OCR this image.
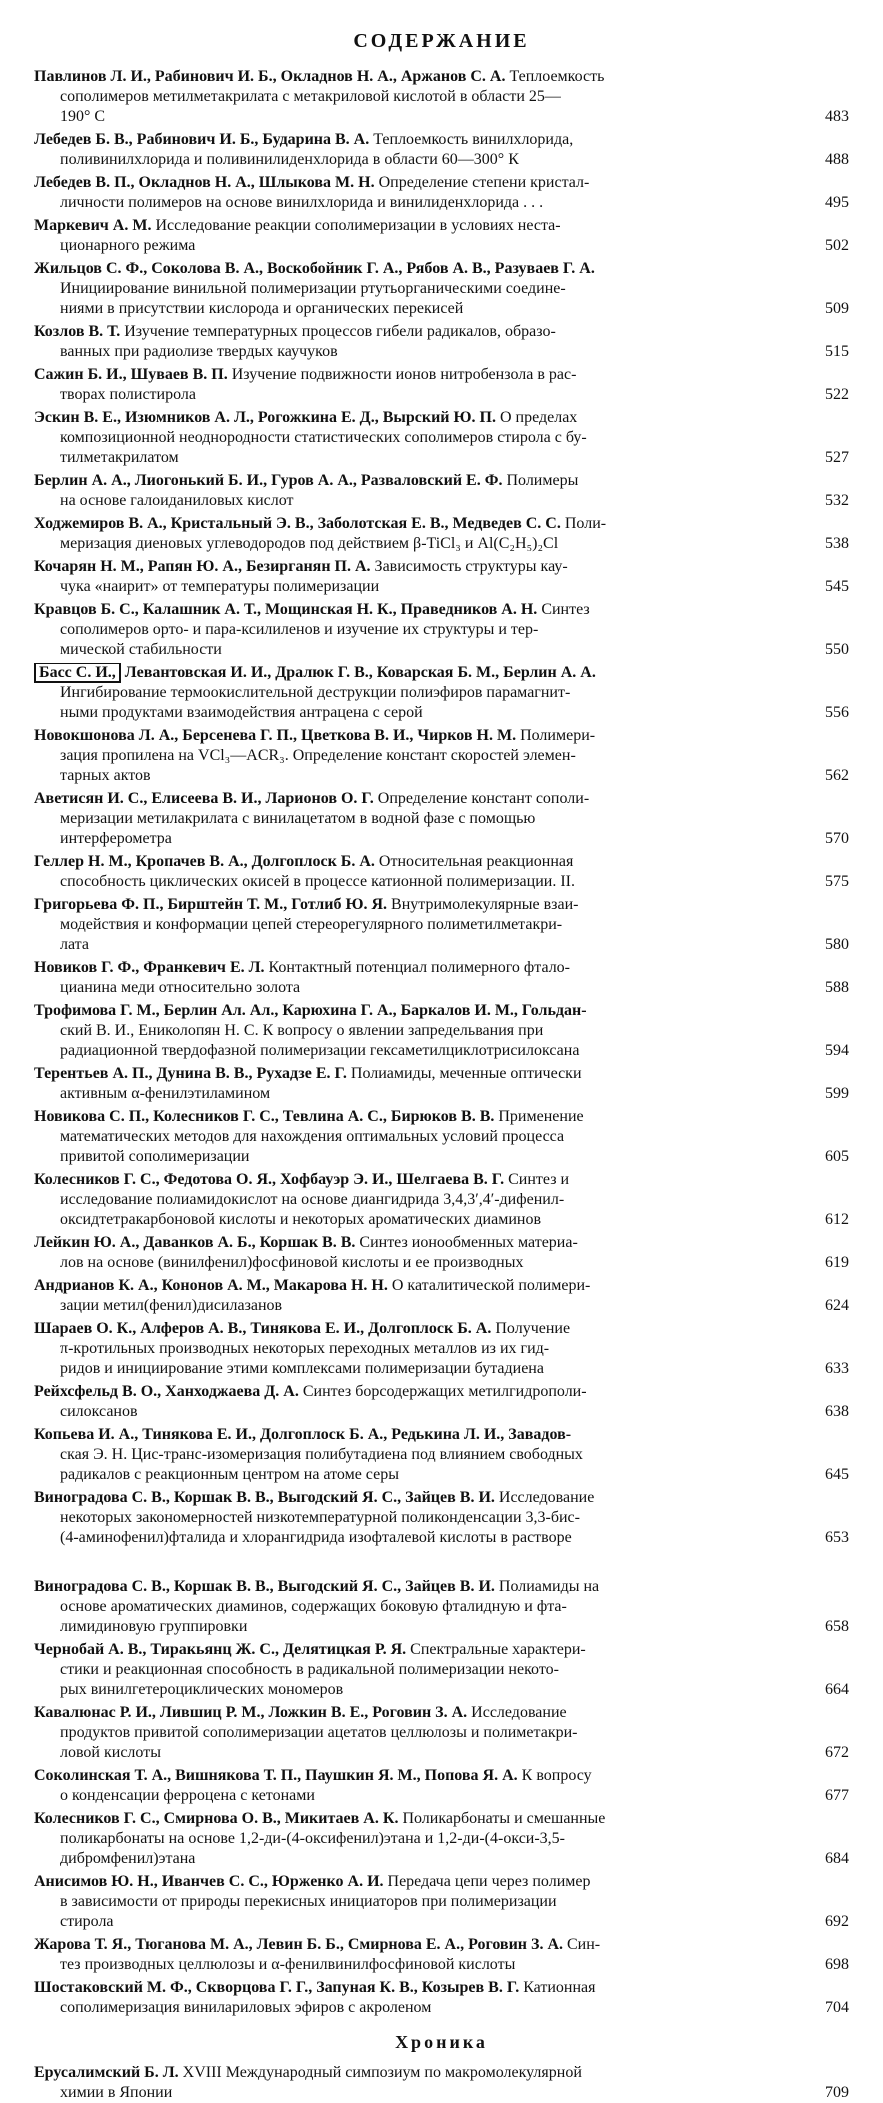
СОДЕРЖАНИЕ
Павлинов Л. И., Рабинович И. Б., Окладнов Н. А., Аржанов С. А. Теплоемкость
сополимеров метилметакрилата с метакриловой кислотой в области 25—
190° С	483
Лебедев Б. В., Рабинович И. Б., Бударина В. А. Теплоемкость винилхлорида,
поливинилхлорида и поливинилиденхлорида в области 60—300° К	488
Лебедев В. П., Окладнов Н. А., Шлыкова М. Н. Определение степени кристал-
личности полимеров на основе винилхлорида и винилиденхлорида . . .	495
Маркевич А. М. Исследование реакции сополимеризации в условиях неста-
ционарного режима	502
Жильцов С. Ф., Соколова В. А., Воскобойник Г. А., Рябов А. В., Разуваев Г. А.
Инициирование винильной полимеризации ртутьорганическими соедине-
ниями в присутствии кислорода и органических перекисей	509
Козлов В. Т. Изучение температурных процессов гибели радикалов, образо-
ванных при радиолизе твердых каучуков	515
Сажин Б. И., Шуваев В. П. Изучение подвижности ионов нитробензола в рас-
творах полистирола	522
Эскин В. Е., Изюмников А. Л., Рогожкина Е. Д., Вырский Ю. П. О пределах
композиционной неоднородности статистических сополимеров стирола с бу-
тилметакрилатом	527
Берлин А. А., Лиогонький Б. И., Гуров А. А., Разваловский Е. Ф. Полимеры
на основе галоиданиловых кислот	532
Ходжемиров В. А., Кристальный Э. В., Заболотская Е. В., Медведев С. С. Поли-
меризация диеновых углеводородов под действием β-TiCl₃ и Al(C₂H₅)₂Cl	538
Кочарян Н. М., Рапян Ю. А., Безирганян П. А. Зависимость структуры кау-
чука «наирит» от температуры полимеризации	545
Кравцов Б. С., Калашник А. Т., Мощинская Н. К., Праведников А. Н. Синтез
сополимеров орто- и пара-ксилиленов и изучение их структуры и тер-
мической стабильности	550
Басс С. И., Левантовская И. И., Дралюк Г. В., Коварская Б. М., Берлин А. А.
Ингибирование термоокислительной деструкции полиэфиров парамагнит-
ными продуктами взаимодействия антрацена с серой	556
Новокшонова Л. А., Берсенева Г. П., Цветкова В. И., Чирков Н. М. Полимери-
зация пропилена на VCl₃—ACR₃. Определение констант скоростей элемен-
тарных актов	562
Аветисян И. С., Елисеева В. И., Ларионов О. Г. Определение констант сополи-
меризации метилакрилата с винилацетатом в водной фазе с помощью
интерферометра	570
Геллер Н. М., Кропачев В. А., Долгоплоск Б. А. Относительная реакционная
способность циклических окисей в процессе катионной полимеризации. II.	575
Григорьева Ф. П., Бирштейн Т. М., Готлиб Ю. Я. Внутримолекулярные взаи-
модействия и конформации цепей стереорегулярного полиметилметакри-
лата	580
Новиков Г. Ф., Франкевич Е. Л. Контактный потенциал полимерного фтало-
цианина меди относительно золота	588
Трофимова Г. М., Берлин Ал. Ал., Карюхина Г. А., Баркалов И. М., Гольдан-
ский В. И., Ениколопян Н. С. К вопросу о явлении запредельвания при
радиационной твердофазной полимеризации гексаметилциклотрисилоксана	594
Терентьев А. П., Дунина В. В., Рухадзе Е. Г. Полиамиды, меченные оптически
активным α-фенилэтиламином	599
Новикова С. П., Колесников Г. С., Тевлина А. С., Бирюков В. В. Применение
математических методов для нахождения оптимальных условий процесса
привитой сополимеризации	605
Колесников Г. С., Федотова О. Я., Хофбауэр Э. И., Шелгаева В. Г. Синтез и
исследование полиамидокислот на основе диангидрида 3,4,3′,4′-дифенил-
оксидтетракарбоновой кислоты и некоторых ароматических диаминов	612
Лейкин Ю. А., Даванков А. Б., Коршак В. В. Синтез ионообменных материа-
лов на основе (винилфенил)фосфиновой кислоты и ее производных	619
Андрианов К. А., Кононов А. М., Макарова Н. Н. О каталитической полимери-
зации метил(фенил)дисилазанов	624
Шараев О. К., Алферов А. В., Тинякова Е. И., Долгоплоск Б. А. Получение
π-кротильных производных некоторых переходных металлов из их гид-
ридов и инициирование этими комплексами полимеризации бутадиена	633
Рейхсфельд В. О., Ханходжаева Д. А. Синтез борсодержащих метилгидрополи-
силоксанов	638
Копьева И. А., Тинякова Е. И., Долгоплоск Б. А., Редькина Л. И., Завадов-
ская Э. Н. Цис-транс-изомеризация полибутадиена под влиянием свободных
радикалов с реакционным центром на атоме серы	645
Виноградова С. В., Коршак В. В., Выгодский Я. С., Зайцев В. И. Исследование
некоторых закономерностей низкотемпературной поликонденсации 3,3-бис-
(4-аминофенил)фталида и хлорангидрида изофталевой кислоты в растворе	653
Виноградова С. В., Коршак В. В., Выгодский Я. С., Зайцев В. И. Полиамиды на
основе ароматических диаминов, содержащих боковую фталидную и фта-
лимидиновую группировки	658
Чернобай А. В., Тиракьянц Ж. С., Делятицкая Р. Я. Спектральные характери-
стики и реакционная способность в радикальной полимеризации некото-
рых винилгетероциклических мономеров	664
Кавалюнас Р. И., Лившиц Р. М., Ложкин В. Е., Роговин З. А. Исследование
продуктов привитой сополимеризации ацетатов целлюлозы и полиметакри-
ловой кислоты	672
Соколинская Т. А., Вишнякова Т. П., Паушкин Я. М., Попова Я. А. К вопросу
о конденсации ферроцена с кетонами	677
Колесников Г. С., Смирнова О. В., Микитаев А. К. Поликарбонаты и смешанные
поликарбонаты на основе 1,2-ди-(4-оксифенил)этана и 1,2-ди-(4-окси-3,5-
дибромфенил)этана	684
Анисимов Ю. Н., Иванчев С. С., Юрженко А. И. Передача цепи через полимер
в зависимости от природы перекисных инициаторов при полимеризации
стирола	692
Жарова Т. Я., Тюганова М. А., Левин Б. Б., Смирнова Е. А., Роговин З. А. Син-
тез производных целлюлозы и α-фенилвинилфосфиновой кислоты	698
Шостаковский М. Ф., Скворцова Г. Г., Запуная К. В., Козырев В. Г. Катионная
сополимеризация винилариловых эфиров с акроленом	704
Хроника
Ерусалимский Б. Л. XVIII Международный симпозиум по макромолекулярной
химии в Японии	709
